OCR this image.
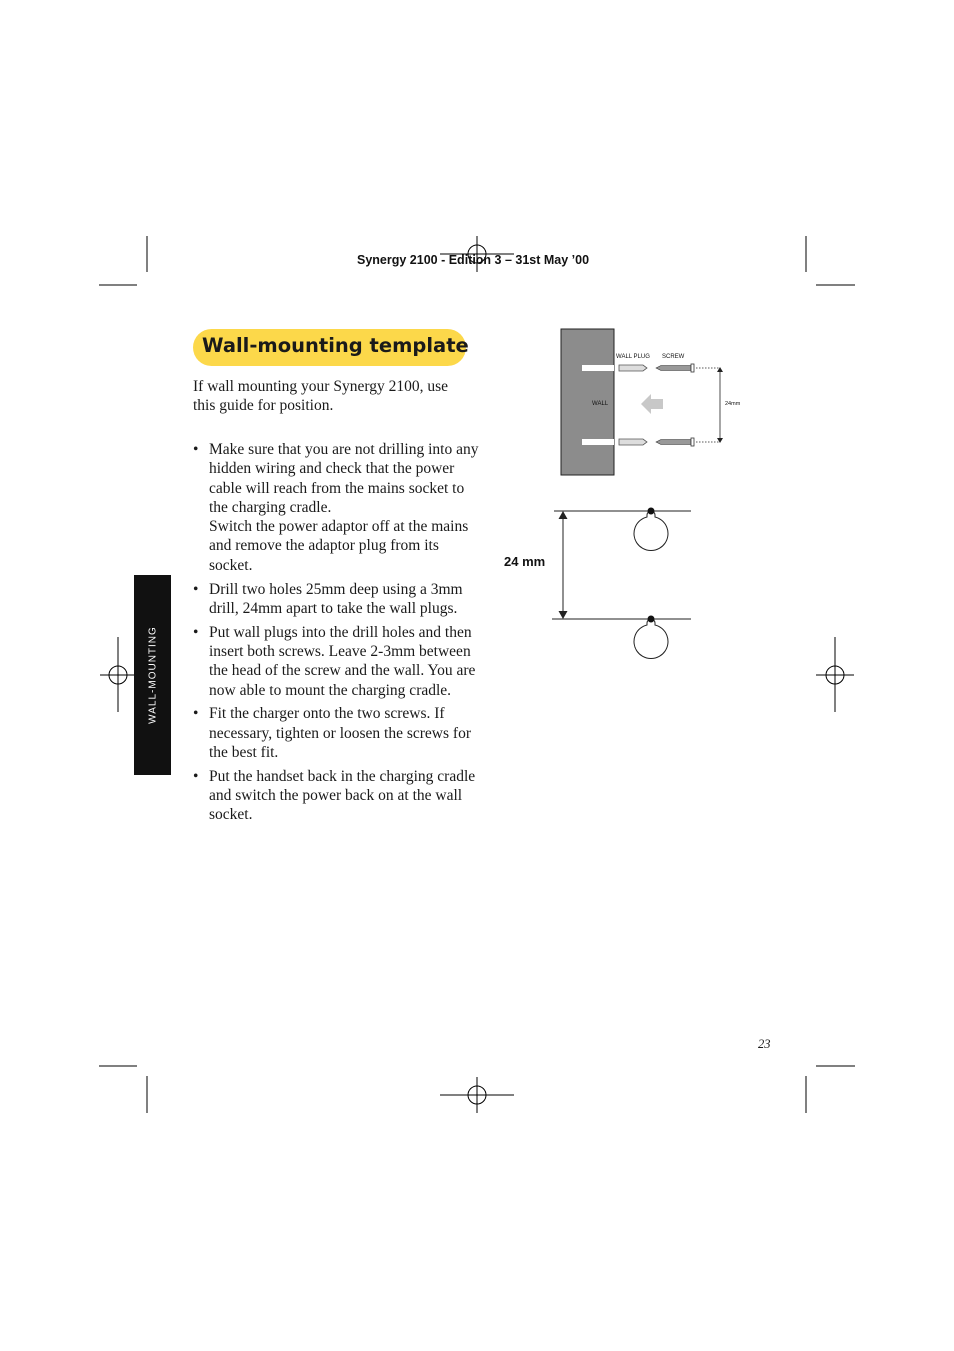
Synergy 2100 - Edition 3 – 31st May ’00
Wall-mounting template
If wall mounting your Synergy 2100, use this guide for position.
• Make sure that you are not drilling into any hidden wiring and check that the power cable will reach from the mains socket to the charging cradle.
Switch the power adaptor off at the mains and remove the adaptor plug from its socket.
• Drill two holes 25mm deep using a 3mm drill, 24mm apart to take the wall plugs.
• Put wall plugs into the drill holes and then insert both screws. Leave 2-3mm between the head of the screw and the wall. You are now able to mount the charging cradle.
• Fit the charger onto the two screws. If necessary, tighten or loosen the screws for the best fit.
• Put the handset back in the charging cradle and switch the power back on at the wall socket.
WALL-MOUNTING
WALL
WALL PLUG SCREW
24mm
24 mm
23
